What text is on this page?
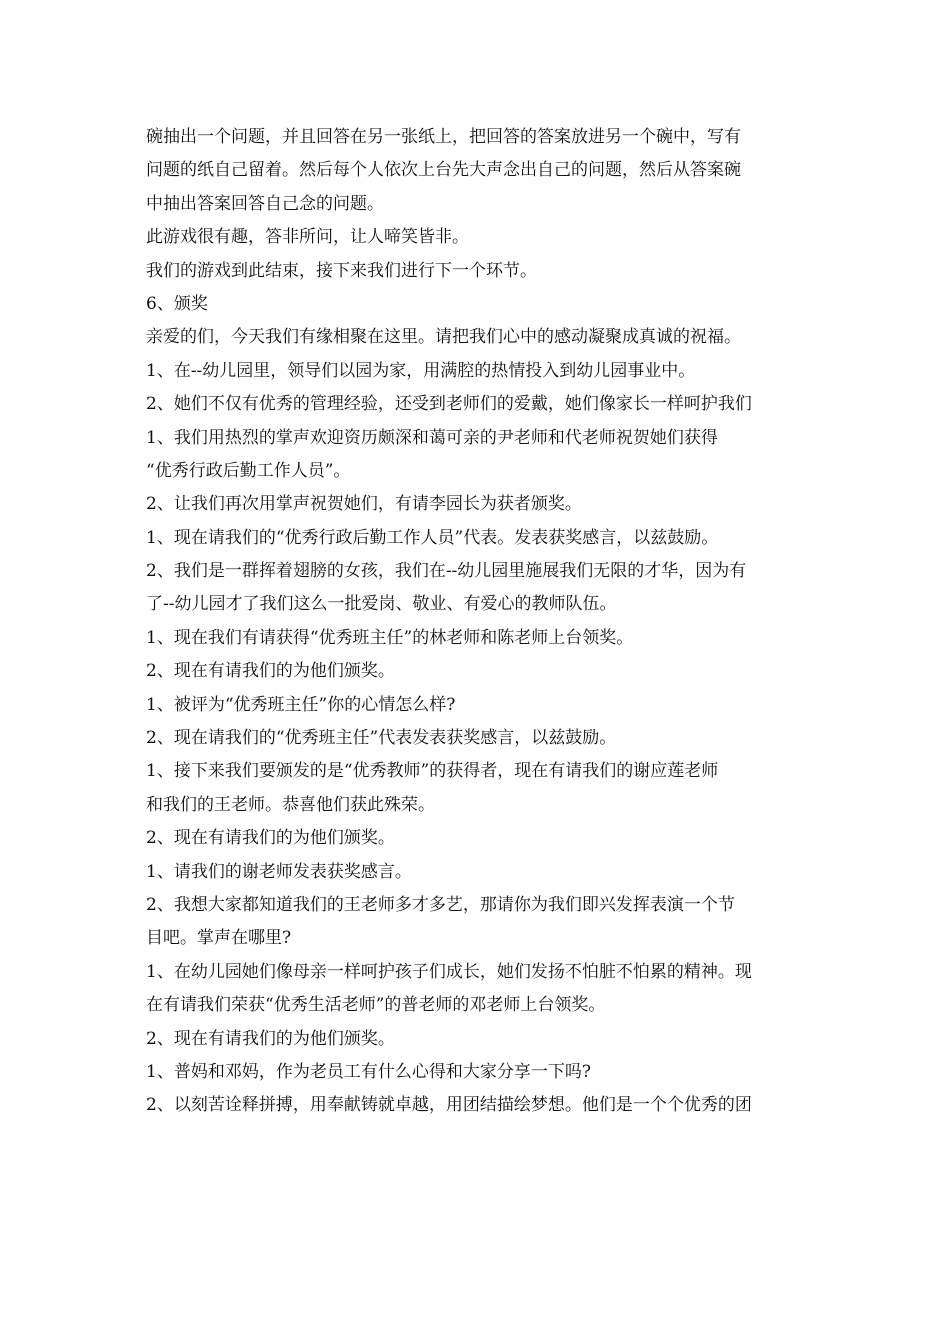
碗抽出一个问题，并且回答在另一张纸上，把回答的答案放进另一个碗中，写有
问题的纸自己留着。然后每个人依次上台先大声念出自己的问题，然后从答案碗
中抽出答案回答自己念的问题。
此游戏很有趣，答非所问，让人啼笑皆非。
我们的游戏到此结束，接下来我们进行下一个环节。
6、颁奖
亲爱的们，今天我们有缘相聚在这里。请把我们心中的感动凝聚成真诚的祝福。
1、在--幼儿园里，领导们以园为家，用满腔的热情投入到幼儿园事业中。
2、她们不仅有优秀的管理经验，还受到老师们的爱戴，她们像家长一样呵护我们
1、我们用热烈的掌声欢迎资历颇深和蔼可亲的尹老师和代老师祝贺她们获得
“优秀行政后勤工作人员”。
2、让我们再次用掌声祝贺她们，有请李园长为获者颁奖。
1、现在请我们的“优秀行政后勤工作人员”代表。发表获奖感言，以兹鼓励。
2、我们是一群挥着翅膀的女孩，我们在--幼儿园里施展我们无限的才华，因为有
了--幼儿园才了我们这么一批爱岗、敬业、有爱心的教师队伍。
1、现在我们有请获得“优秀班主任”的林老师和陈老师上台领奖。
2、现在有请我们的为他们颁奖。
1、被评为“优秀班主任”你的心情怎么样?
2、现在请我们的“优秀班主任”代表发表获奖感言，以兹鼓励。
1、接下来我们要颁发的是“优秀教师”的获得者，现在有请我们的谢应莲老师
和我们的王老师。恭喜他们获此殊荣。
2、现在有请我们的为他们颁奖。
1、请我们的谢老师发表获奖感言。
2、我想大家都知道我们的王老师多才多艺，那请你为我们即兴发挥表演一个节
目吧。掌声在哪里?
1、在幼儿园她们像母亲一样呵护孩子们成长，她们发扬不怕脏不怕累的精神。现
在有请我们荣获“优秀生活老师”的普老师的邓老师上台领奖。
2、现在有请我们的为他们颁奖。
1、普妈和邓妈，作为老员工有什么心得和大家分享一下吗?
2、以刻苦诠释拼搏，用奉献铸就卓越，用团结描绘梦想。他们是一个个优秀的团
